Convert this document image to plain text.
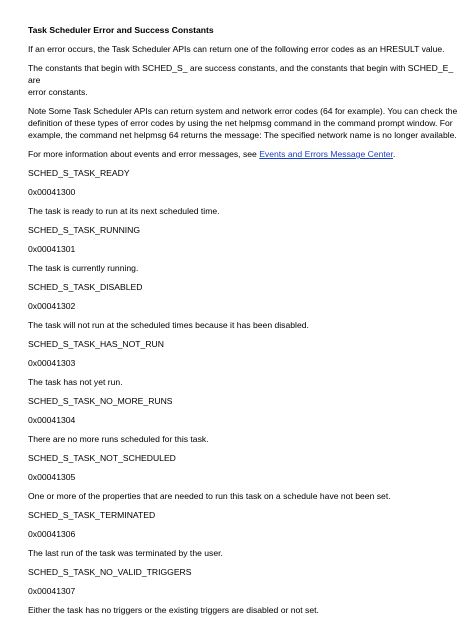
Task Scheduler Error and Success Constants

If an error occurs, the Task Scheduler APIs can return one of the following error codes as an HRESULT value.

The constants that begin with SCHED_S_ are success constants, and the constants that begin with SCHED_E_ are

error constants.

Note Some Task Scheduler APIs can return system and network error codes (64 for example). You can check the

definition of these types of error codes by using the net helpmsg command in the command prompt window. For

example, the command net helpmsg 64 returns the message: The specified network name is no longer available.

For more information about events and error messages, see Events and Errors Message Center.

SCHED_S_TASK_READY

0x00041300

The task is ready to run at its next scheduled time.

SCHED_S_TASK_RUNNING

0x00041301

The task is currently running.

SCHED_S_TASK_DISABLED

0x00041302

The task will not run at the scheduled times because it has been disabled.

SCHED_S_TASK_HAS_NOT_RUN

0x00041303

The task has not yet run.

SCHED_S_TASK_NO_MORE_RUNS

0x00041304

There are no more runs scheduled for this task.

SCHED_S_TASK_NOT_SCHEDULED

0x00041305

One or more of the properties that are needed to run this task on a schedule have not been set.

SCHED_S_TASK_TERMINATED

0x00041306

The last run of the task was terminated by the user.

SCHED_S_TASK_NO_VALID_TRIGGERS

0x00041307

Either the task has no triggers or the existing triggers are disabled or not set.
